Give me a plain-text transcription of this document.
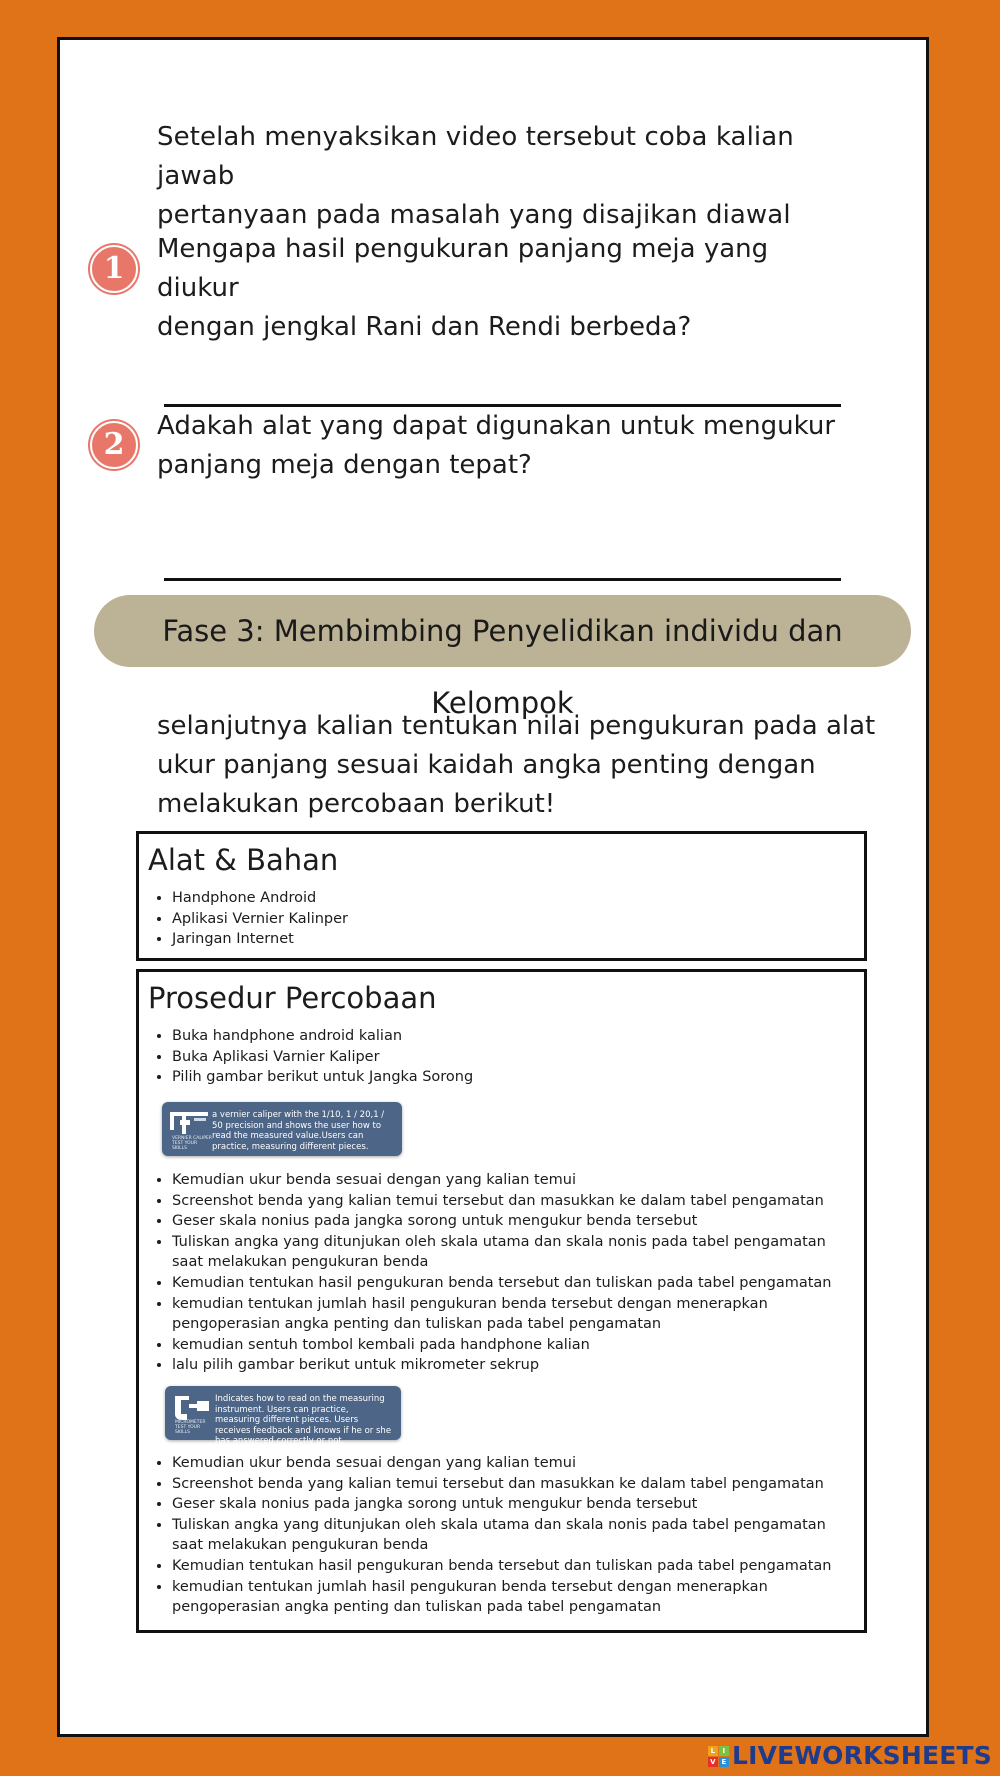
Setelah menyaksikan video tersebut coba kalian jawab
pertanyaan pada masalah yang disajikan diawal
1
Mengapa hasil pengukuran panjang meja yang diukur
dengan jengkal Rani dan Rendi berbeda?
2
Adakah alat yang dapat digunakan untuk mengukur
panjang meja dengan tepat?
Fase 3: Membimbing Penyelidikan individu dan Kelompok
selanjutnya kalian tentukan nilai pengukuran pada alat
ukur panjang sesuai kaidah angka penting dengan
melakukan percobaan berikut!
Alat & Bahan
• Handphone Android
• Aplikasi Vernier Kalinper
• Jaringan Internet
Prosedur Percobaan
• Buka handphone android kalian
• Buka Aplikasi Varnier Kaliper
• Pilih gambar berikut untuk Jangka Sorong
a vernier caliper with the 1/10, 1 / 20,1 / 50 precision and shows the user how to read the measured value.Users can practice, measuring different pieces.
VERNIER CALIPER TEST YOUR SKILLS
• Kemudian ukur benda sesuai dengan yang kalian temui
• Screenshot benda yang kalian temui tersebut dan masukkan ke dalam tabel pengamatan
• Geser skala nonius pada jangka sorong untuk mengukur benda tersebut
• Tuliskan angka yang ditunjukan oleh skala utama dan skala nonis pada tabel pengamatan saat melakukan pengukuran benda
• Kemudian tentukan hasil pengukuran benda tersebut dan tuliskan pada tabel pengamatan
• kemudian tentukan jumlah hasil pengukuran benda tersebut dengan menerapkan pengoperasian angka penting dan tuliskan pada tabel pengamatan
• kemudian sentuh tombol kembali pada handphone kalian
• lalu pilih gambar berikut untuk mikrometer sekrup
Indicates how to read on the measuring instrument. Users can practice, measuring different pieces. Users receives feedback and knows if he or she has answered correctly or not.
MICROMETER TEST YOUR SKILLS
• Kemudian ukur benda sesuai dengan yang kalian temui
• Screenshot benda yang kalian temui tersebut dan masukkan ke dalam tabel pengamatan
• Geser skala nonius pada jangka sorong untuk mengukur benda tersebut
• Tuliskan angka yang ditunjukan oleh skala utama dan skala nonis pada tabel pengamatan saat melakukan pengukuran benda
• Kemudian tentukan hasil pengukuran benda tersebut dan tuliskan pada tabel pengamatan
• kemudian tentukan jumlah hasil pengukuran benda tersebut dengan menerapkan pengoperasian angka penting dan tuliskan pada tabel pengamatan
L	I
V E LIVEWORKSHEETS
